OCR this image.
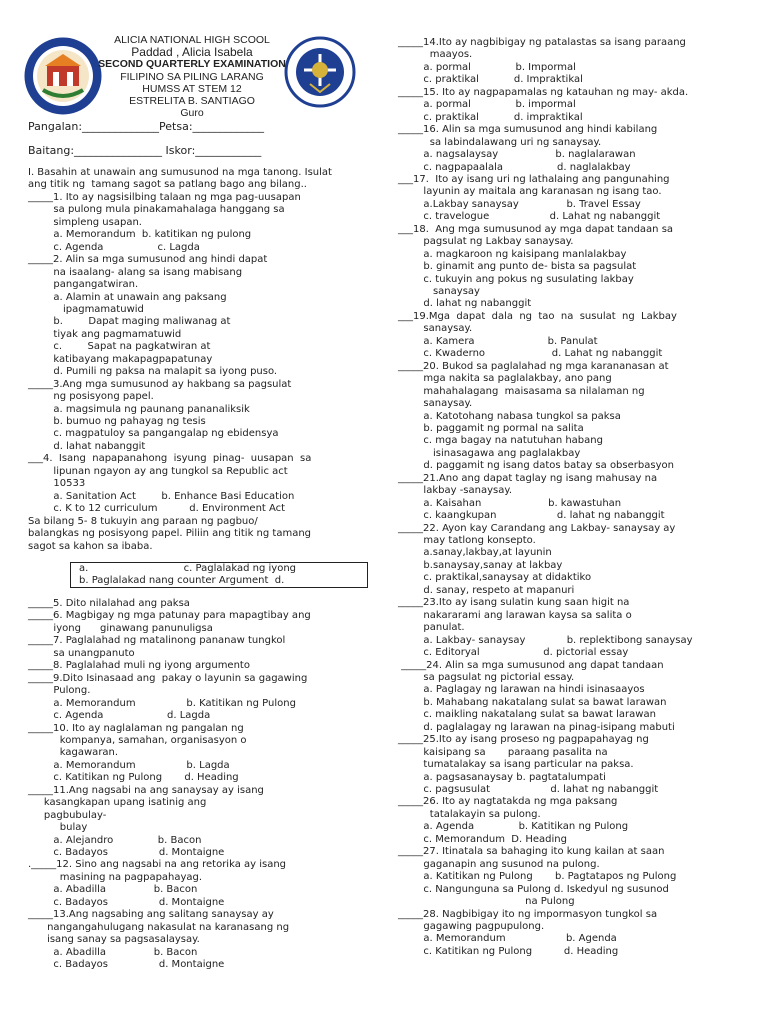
ALICIA NATIONAL HIGH SCOOL
Paddad , Alicia Isabela
SECOND QUARTERLY EXAMINATION
FILIPINO SA PILING LARANG
HUMSS AT STEM 12
ESTRELITA B. SANTIAGO
Guro
Pangalan:______________Petsa:_____________
Baitang:________________ Iskor:____________
I. Basahin at unawain ang sumusunod na mga tanong. Isulat
ang titik ng  tamang sagot sa patlang bago ang bilang..
_____1. Ito ay nagsisilbing talaan ng mga pag-uusapan
sa pulong mula pinakamahalaga hanggang sa
simpleng usapan.
a. Memorandum  b. katitikan ng pulong
c. Agenda                 c. Lagda
_____2. Alin sa mga sumusunod ang hindi dapat
na isaalang- alang sa isang mabisang
pangangatwiran.
a. Alamin at unawain ang paksang
ipagmamatuwid
b.        Dapat maging maliwanag at
tiyak ang pagmamatuwid
c.        Sapat na pagkatwiran at
katibayang makapagpapatunay
d. Pumili ng paksa na malapit sa iyong puso.
_____3.Ang mga sumusunod ay hakbang sa pagsulat
ng posisyong papel.
a. magsimula ng paunang pananaliksik
b. bumuo ng pahayag ng tesis
c. magpatuloy sa pangangalap ng ebidensya
d. lahat nabanggit
___4.  Isang  napapanahong  isyung  pinag-  uusapan  sa
lipunan ngayon ay ang tungkol sa Republic act
10533
a. Sanitation Act        b. Enhance Basi Education
c. K to 12 curriculum          d. Environment Act
Sa bilang 5- 8 tukuyin ang paraan ng pagbuo/
balangkas ng posisyong papel. Piliin ang titik ng tamang
sagot sa kahon sa ibaba.
a.                              c. Paglalakad ng iyong
b. Paglalakad nang counter Argument  d.
_____5. Dito nilalahad ang paksa
_____6. Magbigay ng mga patunay para mapagtibay ang
iyong      ginawang panunuligsa
_____7. Paglalahad ng matalinong pananaw tungkol
sa unangpanuto
_____8. Paglalahad muli ng iyong argumento
_____9.Dito Isinasaad ang  pakay o layunin sa gagawing
Pulong.
a. Memorandum                b. Katitikan ng Pulong
c. Agenda                    d. Lagda
_____10. Ito ay naglalaman ng pangalan ng
kompanya, samahan, organisasyon o
kagawaran.
a. Memorandum                b. Lagda
c. Katitikan ng Pulong       d. Heading
_____11.Ang nagsabi na ang sanaysay ay isang
kasangkapan upang isatinig ang
pagbubulay-
bulay
a. Alejandro              b. Bacon
c. Badayos                d. Montaigne
._____12. Sino ang nagsabi na ang retorika ay isang
masining na pagpapahayag.
a. Abadilla               b. Bacon
c. Badayos                d. Montaigne
_____13.Ang nagsabing ang salitang sanaysay ay
nangangahulugang nakasulat na karanasang ng
isang sanay sa pagsasalaysay.
a. Abadilla               b. Bacon
c. Badayos                d. Montaigne
_____14.Ito ay nagbibigay ng patalastas sa isang paraang
maayos.
a. pormal              b. Impormal
c. praktikal           d. Impraktikal
_____15. Ito ay nagpapamalas ng katauhan ng may- akda.
a. pormal              b. impormal
c. praktikal           d. impraktikal
_____16. Alin sa mga sumusunod ang hindi kabilang
sa labindalawang uri ng sanaysay.
a. nagsalaysay                  b. naglalarawan
c. nagpapaalala                 d. naglalakbay
___17.  Ito ay isang uri ng lathalaing ang pangunahing
layunin ay maitala ang karanasan ng isang tao.
a.Lakbay sanaysay               b. Travel Essay
c. travelogue                   d. Lahat ng nabanggit
___18.  Ang mga sumusunod ay mga dapat tandaan sa
pagsulat ng Lakbay sanaysay.
a. magkaroon ng kaisipang manlalakbay
b. ginamit ang punto de- bista sa pagsulat
c. tukuyin ang pokus ng susulating lakbay
sanaysay
d. lahat ng nabanggit
___19.Mga  dapat  dala  ng  tao  na  susulat  ng  Lakbay
sanaysay.
a. Kamera                       b. Panulat
c. Kwaderno                     d. Lahat ng nabanggit
_____20. Bukod sa paglalahad ng mga karananasan at
mga nakita sa paglalakbay, ano pang
mahahalagang  maisasama sa nilalaman ng
sanaysay.
a. Katotohang nabasa tungkol sa paksa
b. paggamit ng pormal na salita
c. mga bagay na natutuhan habang
isinasagawa ang paglalakbay
d. paggamit ng isang datos batay sa obserbasyon
_____21.Ano ang dapat taglay ng isang mahusay na
lakbay -sanaysay.
a. Kaisahan                     b. kawastuhan
c. kaangkupan                   d. lahat ng nabanggit
_____22. Ayon kay Carandang ang Lakbay- sanaysay ay
may tatlong konsepto.
a.sanay,lakbay,at layunin
b.sanaysay,sanay at lakbay
c. praktikal,sanaysay at didaktiko
d. sanay, respeto at mapanuri
_____23.Ito ay isang sulatin kung saan higit na
nakararami ang larawan kaysa sa salita o
panulat.
a. Lakbay- sanaysay             b. replektibong sanaysay
c. Editoryal                    d. pictorial essay
_____24. Alin sa mga sumusunod ang dapat tandaan
sa pagsulat ng pictorial essay.
a. Paglagay ng larawan na hindi isinasaayos
b. Mahabang nakatalang sulat sa bawat larawan
c. maikling nakatalang sulat sa bawat larawan
d. paglalagay ng larawan na pinag-isipang mabuti
_____25.Ito ay isang proseso ng pagpapahayag ng
kaisipang sa       paraang pasalita na
tumatalakay sa isang particular na paksa.
a. pagsasanaysay b. pagtatalumpati
c. pagsusulat                   d. lahat ng nabanggit
_____26. Ito ay nagtatakda ng mga paksang
tatalakayin sa pulong.
a. Agenda              b. Katitikan ng Pulong
c. Memorandum  D. Heading
_____27. Itinatala sa bahaging ito kung kailan at saan
gaganapin ang susunod na pulong.
a. Katitikan ng Pulong       b. Pagtatapos ng Pulong
c. Nangunguna sa Pulong d. Iskedyul ng susunod
na Pulong
_____28. Nagbibigay ito ng impormasyon tungkol sa
gagawing pagpupulong.
a. Memorandum                   b. Agenda
c. Katitikan ng Pulong          d. Heading
